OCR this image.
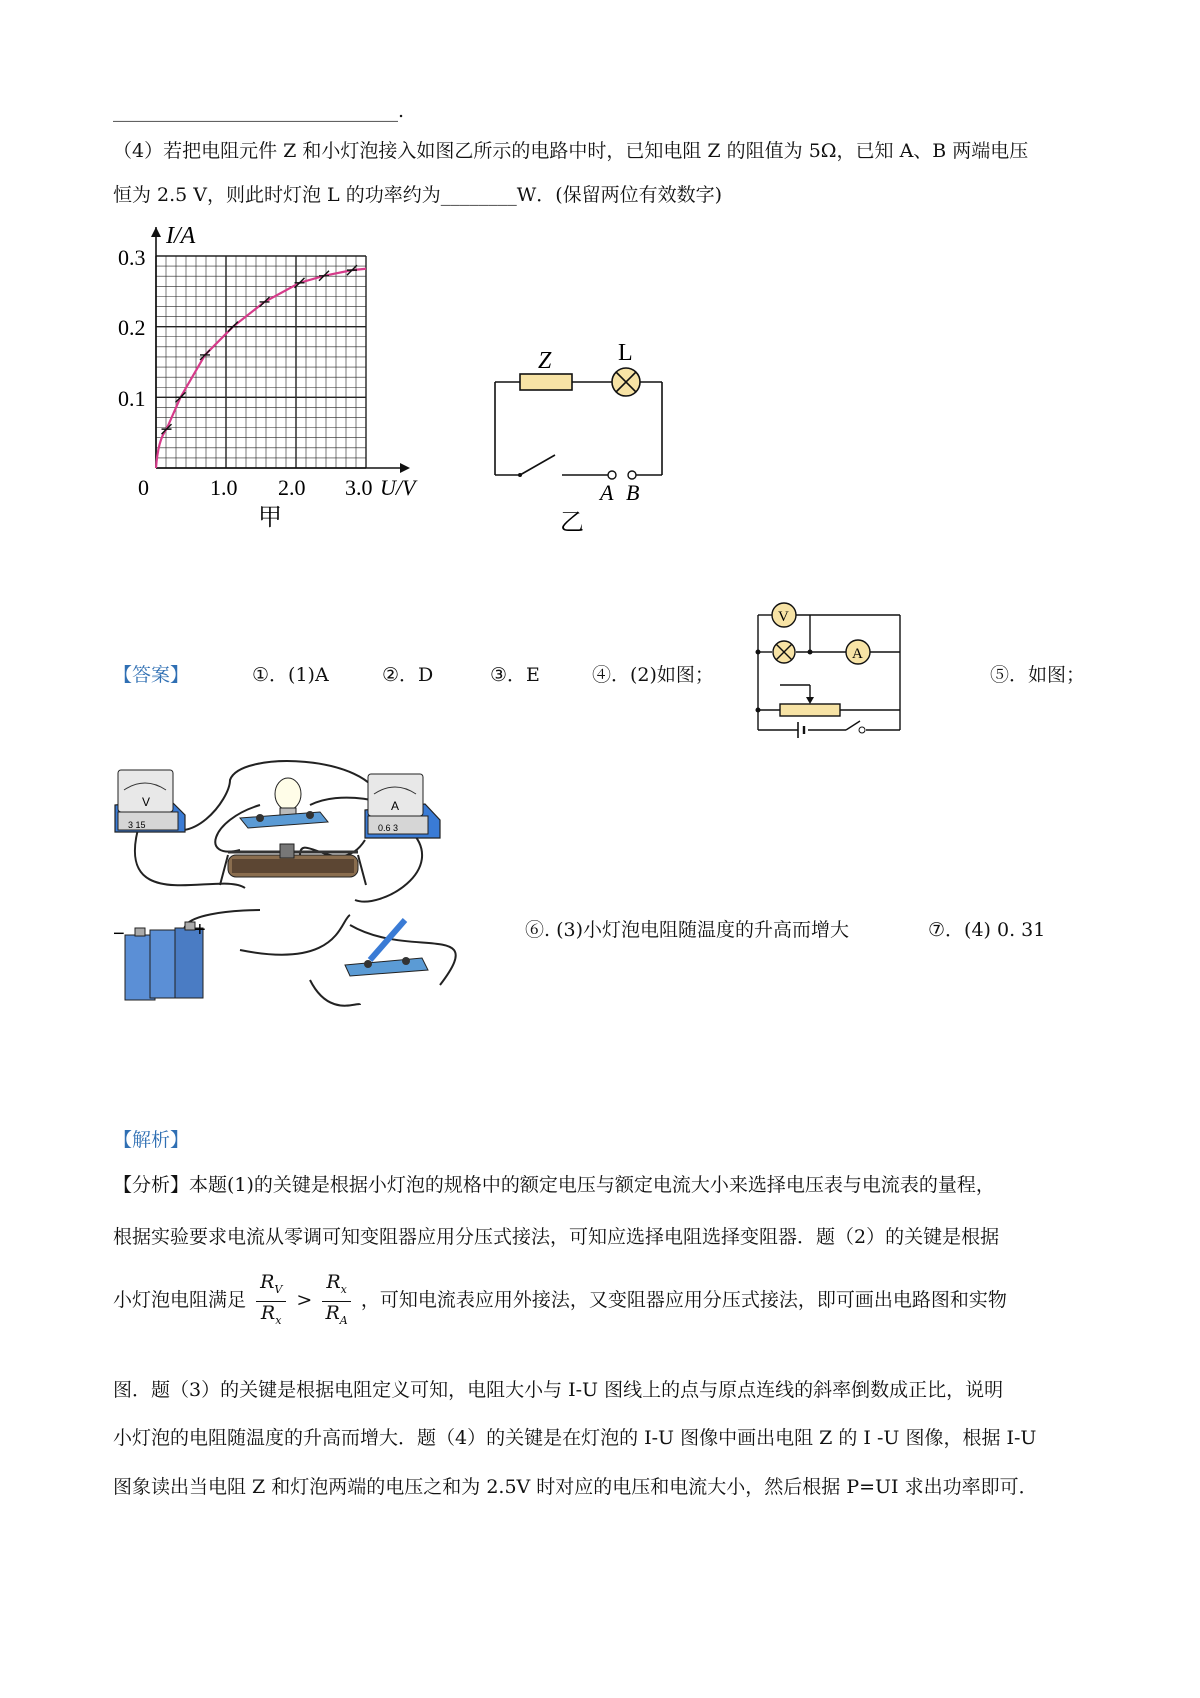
______________________________.
（4）若把电阻元件 Z 和小灯泡接入如图乙所示的电路中时，已知电阻 Z 的阻值为 5Ω，已知 A、B 两端电压
恒为 2.5 V，则此时灯泡 L 的功率约为________W．(保留两位有效数字)
I/A
0.3
0.2
0.1
0	1.0 2.0 3.0 U/V
甲
Z	L
A B
乙
【答案】	①．(1)A	②．D	③．E	④．(2)如图；	⑤．如图；
V
A
V
3 15
A
0.6 3
−	+	⑥. (3)小灯泡电阻随温度的升高而增大	⑦．(4) 0. 31
【解析】
【分析】本题(1)的关键是根据小灯泡的规格中的额定电压与额定电流大小来选择电压表与电流表的量程，
根据实验要求电流从零调可知变阻器应用分压式接法，可知应选择电阻选择变阻器．题（2）的关键是根据
小灯泡电阻满足 $\frac{R_V}{R_x} > \frac{R_x}{R_A}$ ，可知电流表应用外接法，又变阻器应用分压式接法，即可画出电路图和实物
图．题（3）的关键是根据电阻定义可知，电阻大小与 I-U 图线上的点与原点连线的斜率倒数成正比，说明
小灯泡的电阻随温度的升高而增大．题（4）的关键是在灯泡的 I-U 图像中画出电阻 Z 的 I -U 图像，根据 I-U
图象读出当电阻 Z 和灯泡两端的电压之和为 2.5V 时对应的电压和电流大小，然后根据 P=UI 求出功率即可．
